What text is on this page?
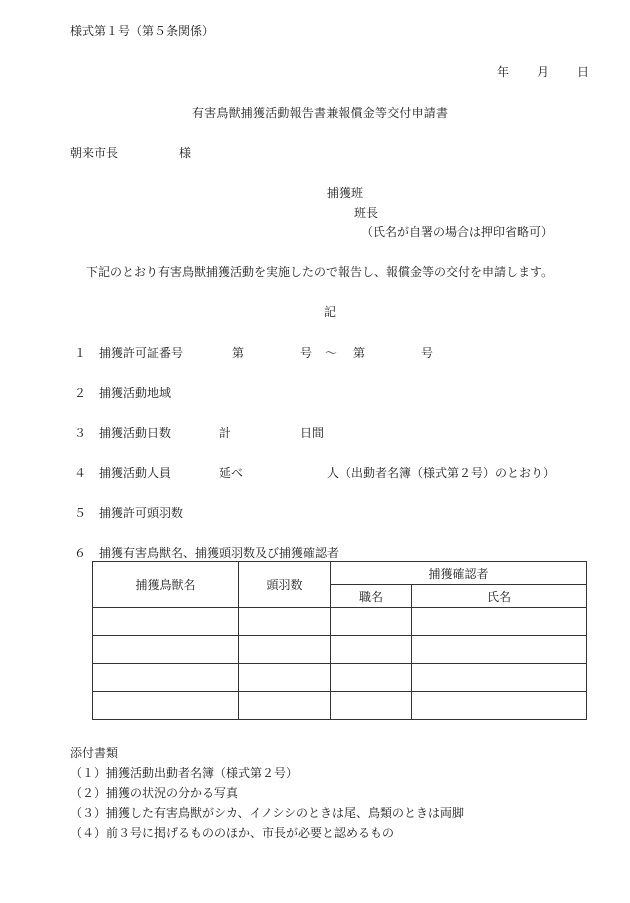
様式第１号（第５条関係）
年 月 日
有害鳥獣捕獲活動報告書兼報償金等交付申請書
朝来市長	様
捕獲班
班長
（氏名が自署の場合は押印省略可）
下記のとおり有害鳥獣捕獲活動を実施したので報告し、報償金等の交付を申請します。
記
１ 捕獲許可証番号	第	号 〜 第	号
２ 捕獲活動地域
３ 捕獲活動日数	計	日間
４ 捕獲活動人員	延べ	人（出動者名簿（様式第２号）のとおり）
５ 捕獲許可頭羽数
６ 捕獲有害鳥獣名、捕獲頭羽数及び捕獲確認者
捕獲鳥獣名	頭羽数	捕獲確認者	
		職名	氏名

添付書類
（１）捕獲活動出動者名簿（様式第２号）
（２）捕獲の状況の分かる写真
（３）捕獲した有害鳥獣がシカ、イノシシのときは尾、鳥類のときは両脚
（４）前３号に掲げるもののほか、市長が必要と認めるもの
